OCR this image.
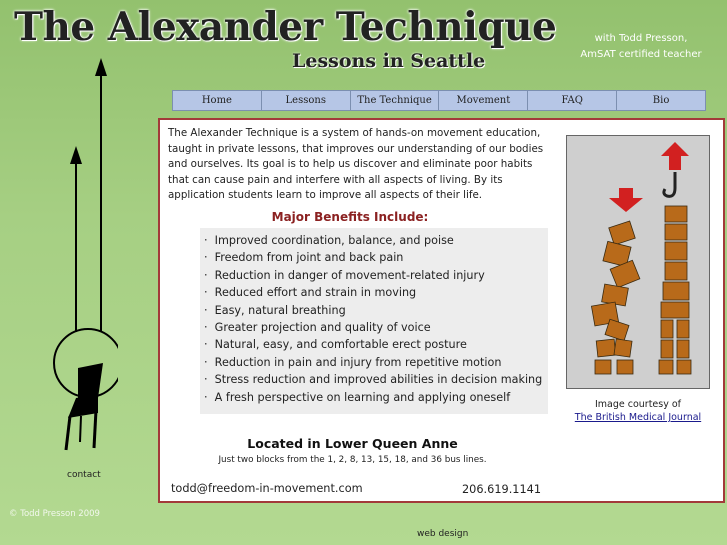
The Alexander Technique
Lessons in Seattle
with Todd Presson,
AmSAT certified teacher
Home	Lessons	The Technique	Movement	FAQ	Bio
The Alexander Technique is a system of hands-on movement education, taught in private lessons, that improves our understanding of our bodies and ourselves. Its goal is to help us discover and eliminate poor habits that can cause pain and interfere with all aspects of living. By its application students learn to improve all aspects of their life.
Major Benefits Include:
·  Improved coordination, balance, and poise
·  Freedom from joint and back pain
·  Reduction in danger of movement-related injury
·  Reduced effort and strain in moving
·  Easy, natural breathing
·  Greater projection and quality of voice
·  Natural, easy, and comfortable erect posture
·  Reduction in pain and injury from repetitive motion
·  Stress reduction and improved abilities in decision making
·  A fresh perspective on learning and applying oneself
Image courtesy of
The British Medical Journal
Located in Lower Queen Anne
Just two blocks from the 1, 2, 8, 13, 15, 18, and 36 bus lines.
todd@freedom-in-movement.com	206.619.1141
contact
© Todd Presson 2009
web design
